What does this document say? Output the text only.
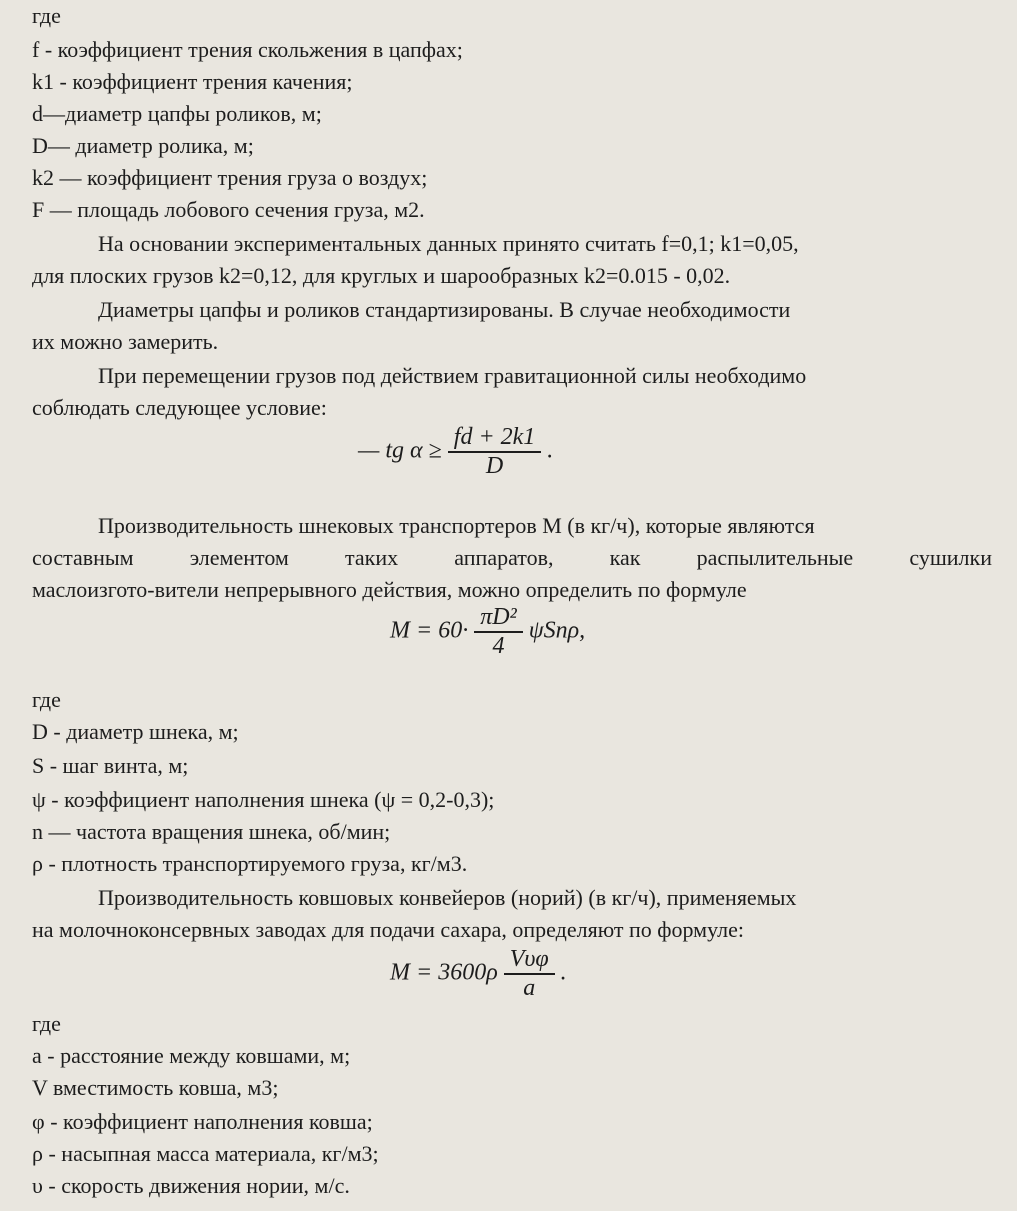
где
f - коэффициент трения скольжения в цапфах;
k1 - коэффициент трения качения;
d—диаметр цапфы роликов, м;
D— диаметр ролика, м;
k2 — коэффициент трения груза о воздух;
F — площадь лобового сечения груза, м2.
На основании экспериментальных данных принято считать f=0,1; k1=0,05,
для плоских грузов k2=0,12, для круглых и шарообразных k2=0.015 - 0,02.
Диаметры цапфы и роликов стандартизированы. В случае необходимости
их можно замерить.
При перемещении грузов под действием гравитационной силы необходимо
соблюдать следующее условие:
— tg $\alpha \ge \frac{fd + 2k1}{D}$ .
Производительность шнековых транспортеров M (в кг/ч), которые являются
составным элементом таких аппаратов, как распылительные сушилки
маслоизгото-вители непрерывного действия, можно определить по формуле
$M = 60\cdot \frac{\text{πD²}}{4} \psi Sn\rho$,
где
D - диаметр шнека, м;
S - шаг винта, м;
ψ - коэффициент наполнения шнека (ψ = 0,2-0,3);
n — частота вращения шнека, об/мин;
ρ - плотность транспортируемого груза, кг/м3.
Производительность ковшовых конвейеров (норий) (в кг/ч), применяемых
на молочноконсервных заводах для подачи сахара, определяют по формуле:
$M = 3600\rho \frac{\text{Vυφ}}{a}$ .
где
a - расстояние между ковшами, м;
V вместимость ковша, м3;
φ - коэффициент наполнения ковша;
ρ - насыпная масса материала, кг/м3;
υ - скорость движения нории, м/с.
